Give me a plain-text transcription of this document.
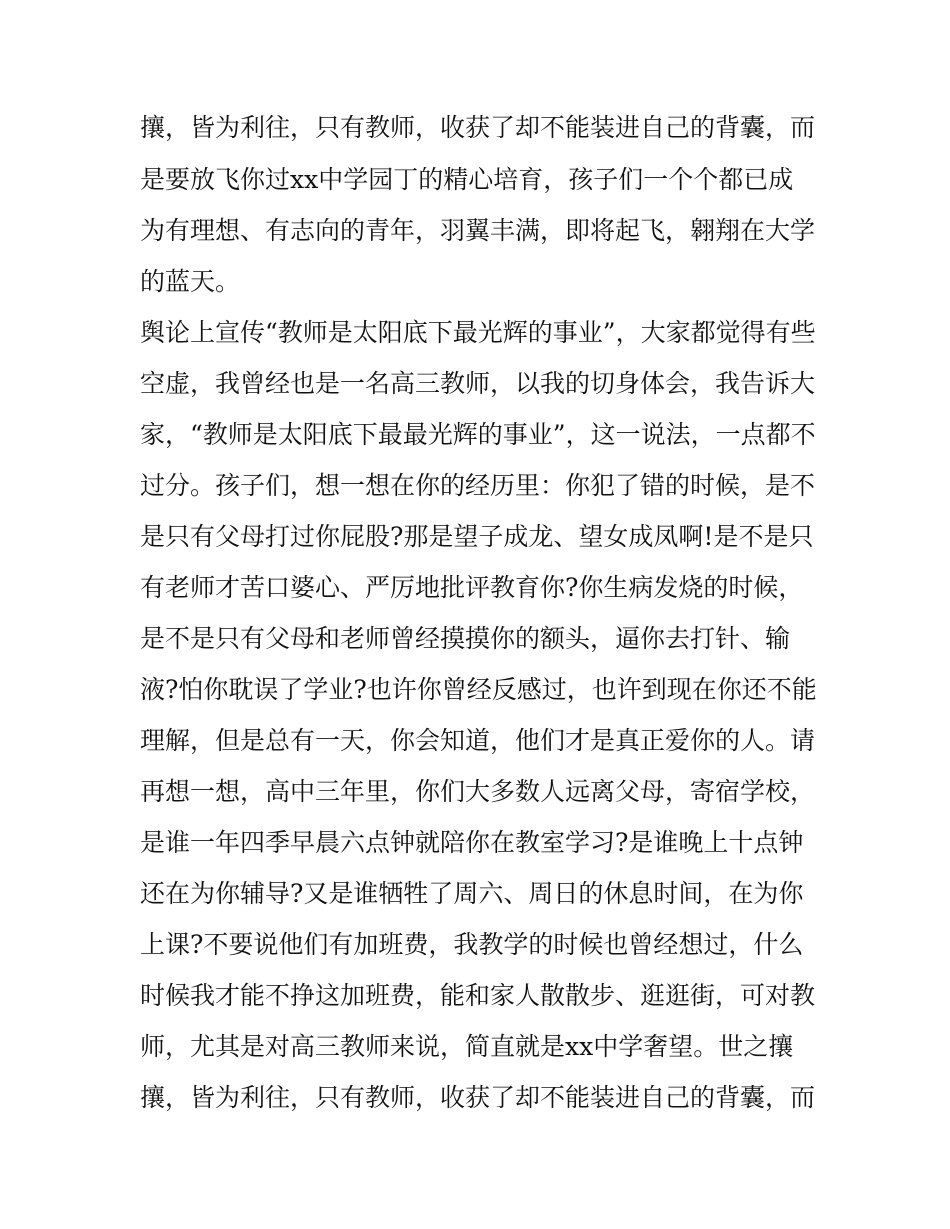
攘，皆为利往，只有教师，收获了却不能装进自己的背囊，而
是要放飞你过xx中学园丁的精心培育，孩子们一个个都已成
为有理想、有志向的青年，羽翼丰满，即将起飞，翱翔在大学
的蓝天。
舆论上宣传“教师是太阳底下最光辉的事业”，大家都觉得有些
空虚，我曾经也是一名高三教师，以我的切身体会，我告诉大
家，“教师是太阳底下最最光辉的事业”，这一说法，一点都不
过分。孩子们，想一想在你的经历里：你犯了错的时候，是不
是只有父母打过你屁股?那是望子成龙、望女成凤啊!是不是只
有老师才苦口婆心、严厉地批评教育你?你生病发烧的时候，
是不是只有父母和老师曾经摸摸你的额头，逼你去打针、输
液?怕你耽误了学业?也许你曾经反感过，也许到现在你还不能
理解，但是总有一天，你会知道，他们才是真正爱你的人。请
再想一想，高中三年里，你们大多数人远离父母，寄宿学校，
是谁一年四季早晨六点钟就陪你在教室学习?是谁晚上十点钟
还在为你辅导?又是谁牺牲了周六、周日的休息时间，在为你
上课?不要说他们有加班费，我教学的时候也曾经想过，什么
时候我才能不挣这加班费，能和家人散散步、逛逛街，可对教
师，尤其是对高三教师来说，简直就是xx中学奢望。世之攘
攘，皆为利往，只有教师，收获了却不能装进自己的背囊，而
